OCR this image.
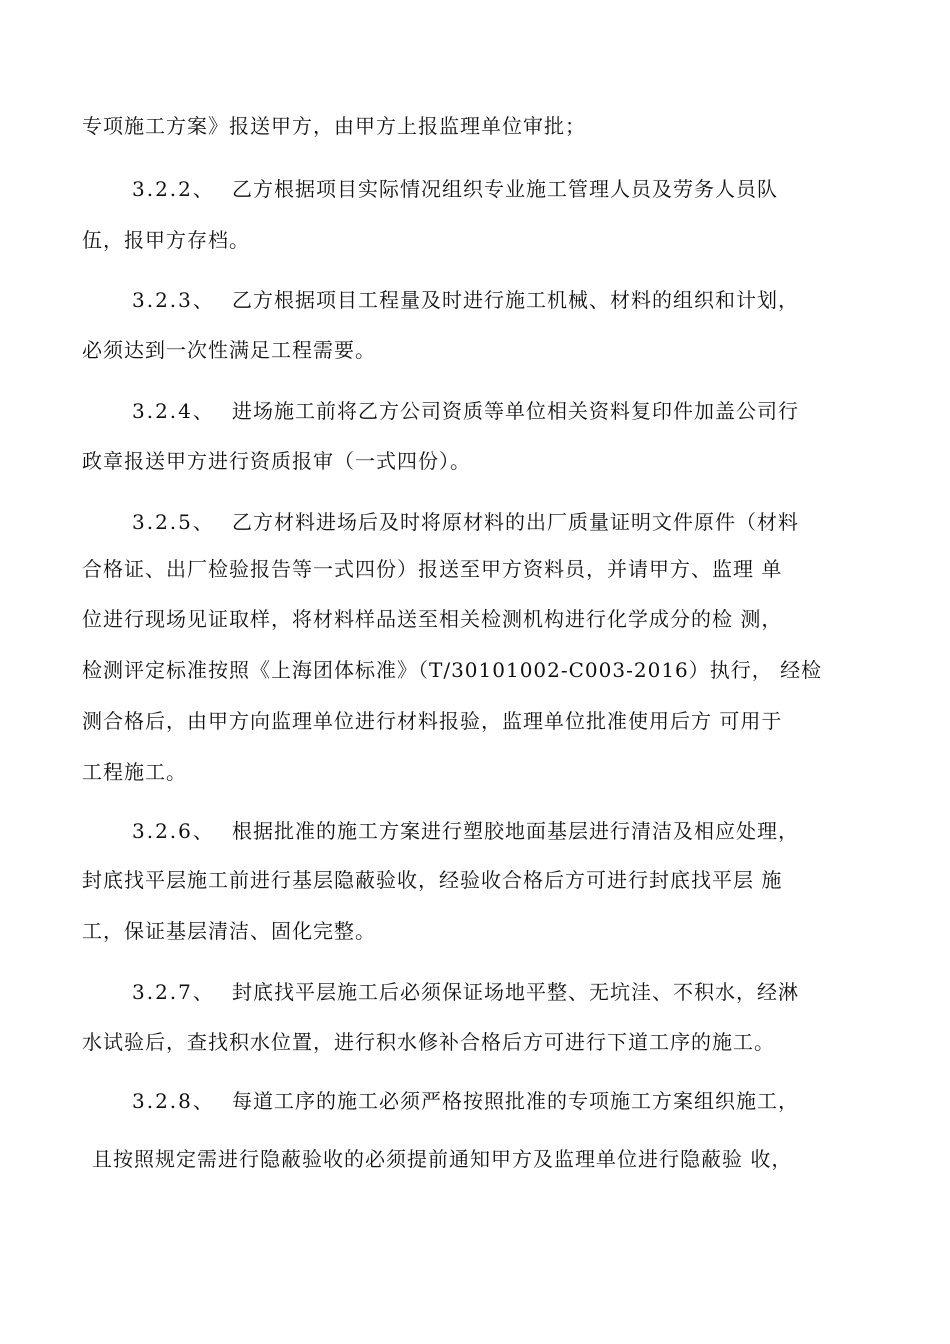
专项施工方案》报送甲方，由甲方上报监理单位审批；
3.2.2、 乙方根据项目实际情况组织专业施工管理人员及劳务人员队
伍，报甲方存档。
3.2.3、 乙方根据项目工程量及时进行施工机械、材料的组织和计划，
必须达到一次性满足工程需要。
3.2.4、 进场施工前将乙方公司资质等单位相关资料复印件加盖公司行
政章报送甲方进行资质报审（一式四份）。
3.2.5、 乙方材料进场后及时将原材料的出厂质量证明文件原件（材料
合格证、出厂检验报告等一式四份）报送至甲方资料员，并请甲方、监理 单
位进行现场见证取样，将材料样品送至相关检测机构进行化学成分的检 测，
检测评定标准按照《上海团体标准》（T/30101002-C003-2016）执行， 经检
测合格后，由甲方向监理单位进行材料报验，监理单位批准使用后方 可用于
工程施工。
3.2.6、 根据批准的施工方案进行塑胶地面基层进行清洁及相应处理，
封底找平层施工前进行基层隐蔽验收，经验收合格后方可进行封底找平层 施
工，保证基层清洁、固化完整。
3.2.7、 封底找平层施工后必须保证场地平整、无坑洼、不积水，经淋
水试验后，查找积水位置，进行积水修补合格后方可进行下道工序的施工。
3.2.8、 每道工序的施工必须严格按照批准的专项施工方案组织施工，
且按照规定需进行隐蔽验收的必须提前通知甲方及监理单位进行隐蔽验 收，
